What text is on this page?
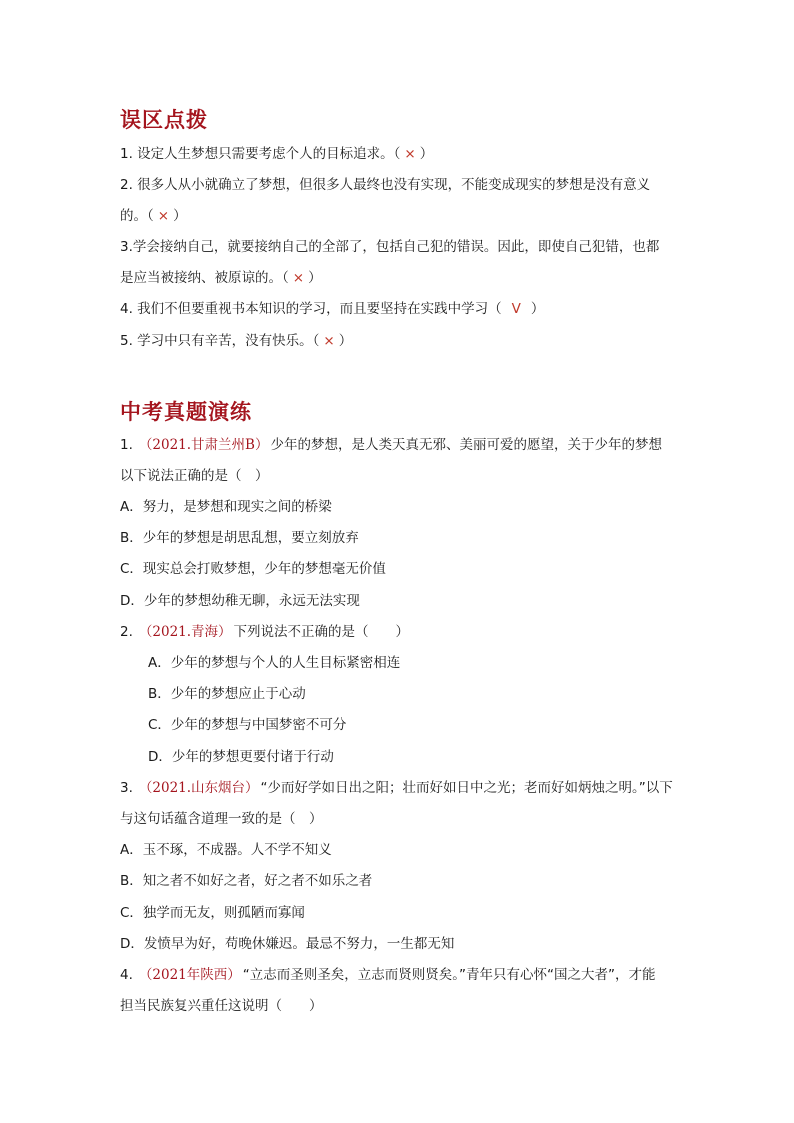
误区点拨
1. 设定人生梦想只需要考虑个人的目标追求。（ × ）
2. 很多人从小就确立了梦想，但很多人最终也没有实现，不能变成现实的梦想是没有意义
的。（ × ）
3.学会接纳自己，就要接纳自己的全部了，包括自己犯的错误。因此，即使自己犯错，也都
是应当被接纳、被原谅的。（ × ）
4. 我们不但要重视书本知识的学习，而且要坚持在实践中学习（ V ）
5. 学习中只有辛苦，没有快乐。（ × ）
中考真题演练
1. （2021.甘肃兰州B） 少年的梦想，是人类天真无邪、美丽可爱的愿望，关于少年的梦想
以下说法正确的是（　）
A．努力，是梦想和现实之间的桥梁
B．少年的梦想是胡思乱想，要立刻放弃
C．现实总会打败梦想，少年的梦想毫无价值
D．少年的梦想幼稚无聊，永远无法实现
2. （2021.青海） 下列说法不正确的是（　　）
A．少年的梦想与个人的人生目标紧密相连
B．少年的梦想应止于心动
C．少年的梦想与中国梦密不可分
D．少年的梦想更要付诸于行动
3. （2021.山东烟台） “少而好学如日出之阳；壮而好如日中之光；老而好如炳烛之明。”以下
与这句话蕴含道理一致的是（　）
A．玉不琢，不成器。人不学不知义
B．知之者不如好之者，好之者不如乐之者
C．独学而无友，则孤陋而寡闻
D．发愤早为好，苟晚休嫌迟。最忌不努力，一生都无知
4. （2021年陕西） “立志而圣则圣矣，立志而贤则贤矣。”青年只有心怀“国之大者”，才能
担当民族复兴重任这说明（　　）
